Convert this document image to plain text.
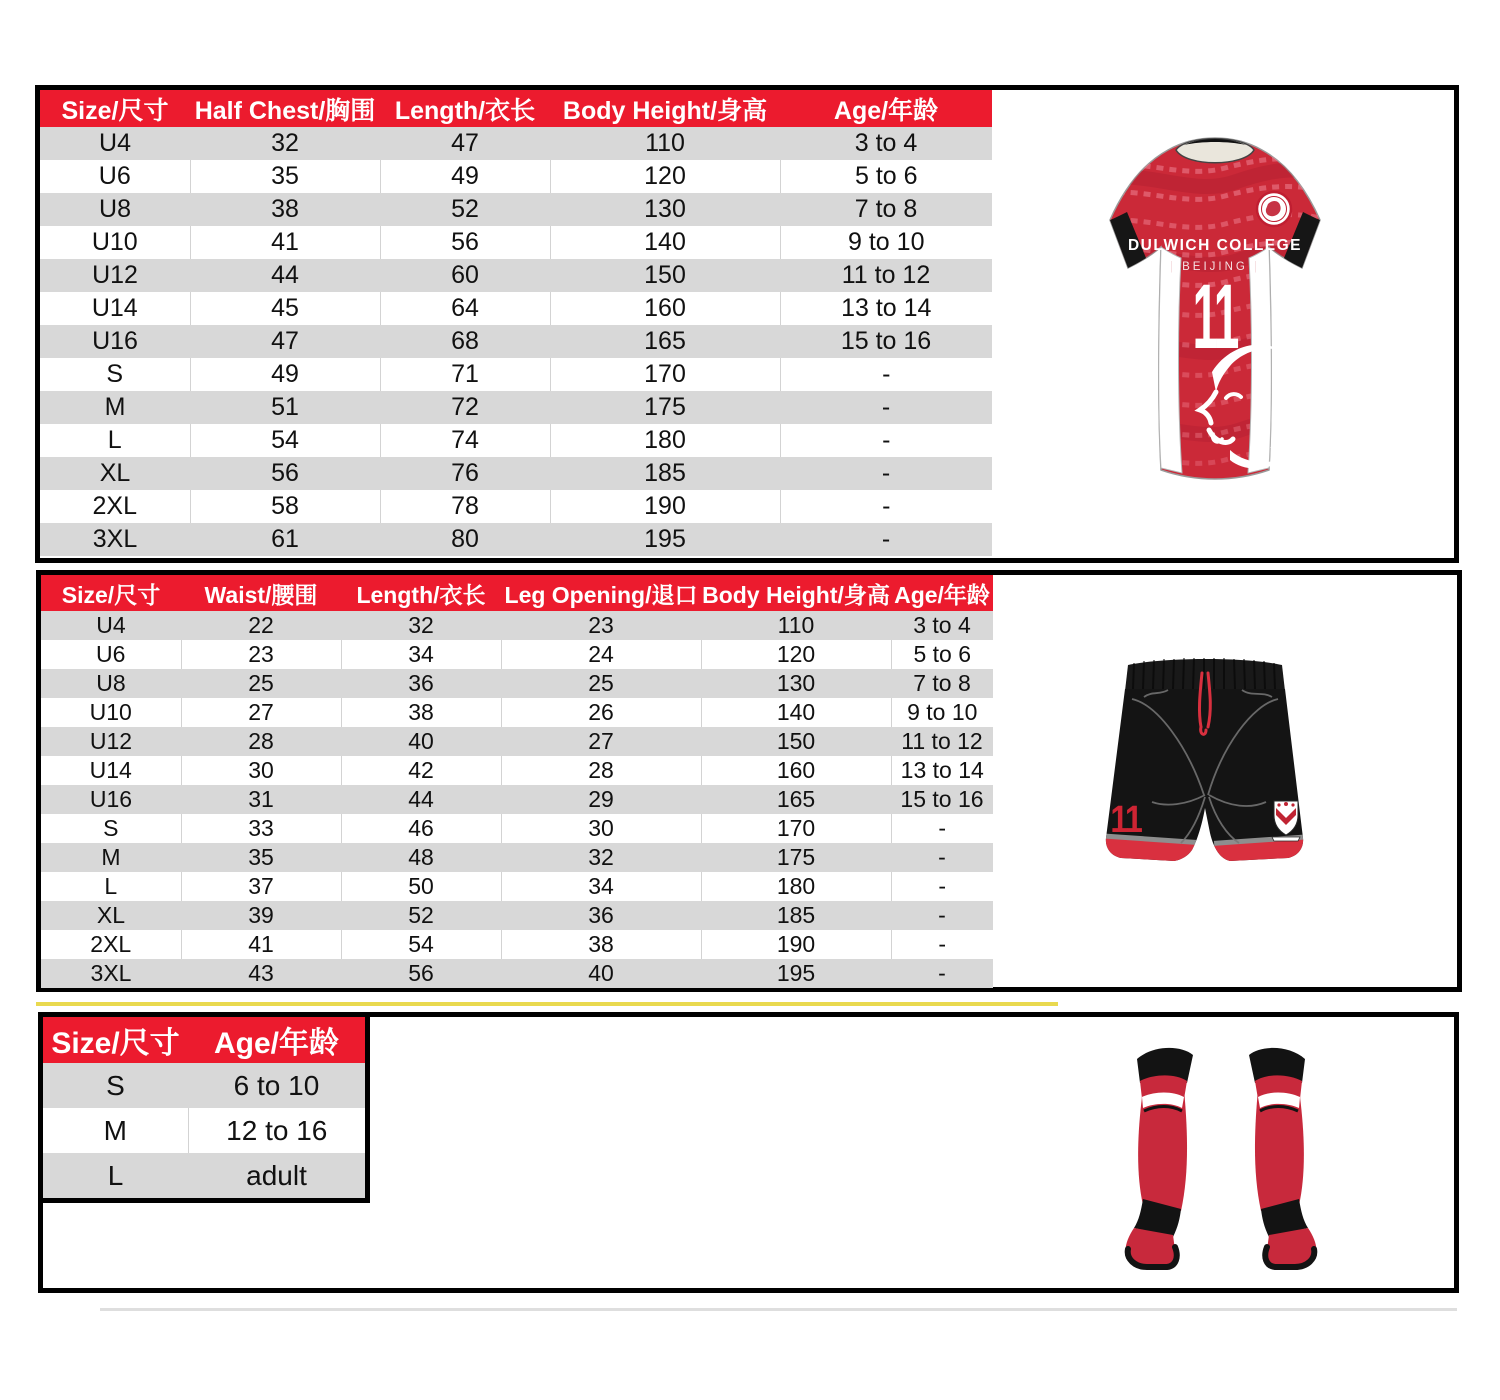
Size/尺寸	Half Chest/胸围	Length/衣长	Body Height/身高	Age/年龄
U4	32	47	110	3 to 4
U6	35	49	120	5 to 6
U8	38	52	130	7 to 8
U10	41	56	140	9 to 10
U12	44	60	150	11 to 12
U14	45	64	160	13 to 14
U16	47	68	165	15 to 16
S	49	71	170	-
M	51	72	175	-
L	54	74	180	-
XL	56	76	185	-
2XL	58	78	190	-
3XL	61	80	195	-
DULWICH COLLEGE
| BEIJING |
11
Size/尺寸	Waist/腰围	Length/衣长	Leg Opening/退口	Body Height/身高	Age/年龄
U4	22	32	23	110	3 to 4
U6	23	34	24	120	5 to 6
U8	25	36	25	130	7 to 8
U10	27	38	26	140	9 to 10
U12	28	40	27	150	11 to 12
U14	30	42	28	160	13 to 14
U16	31	44	29	165	15 to 16
S	33	46	30	170	-
M	35	48	32	175	-
L	37	50	34	180	-
XL	39	52	36	185	-
2XL	41	54	38	190	-
3XL	43	56	40	195	-
11
Size/尺寸	Age/年龄
S	6 to 10
M	12 to 16
L	adult
